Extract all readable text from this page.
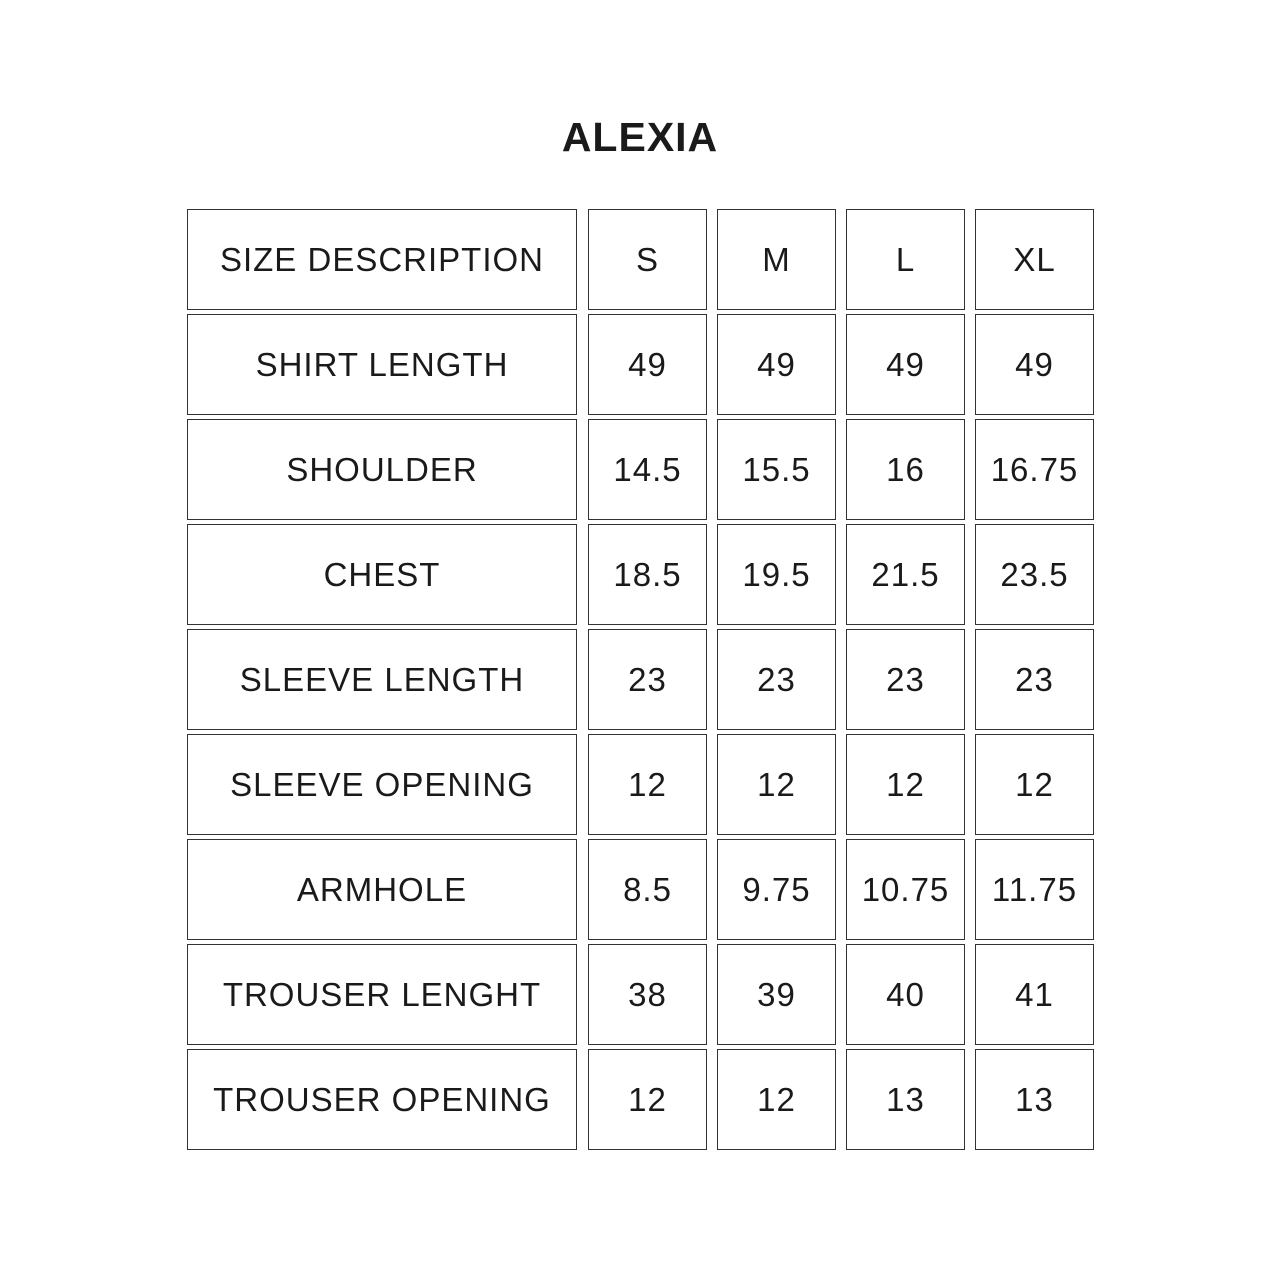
ALEXIA
SIZE DESCRIPTION	S	M	L	XL
SHIRT LENGTH	49	49	49	49
SHOULDER	14.5	15.5	16	16.75
CHEST	18.5	19.5	21.5	23.5
SLEEVE LENGTH	23	23	23	23
SLEEVE OPENING	12	12	12	12
ARMHOLE	8.5	9.75	10.75	11.75
TROUSER LENGHT	38	39	40	41
TROUSER OPENING	12	12	13	13
